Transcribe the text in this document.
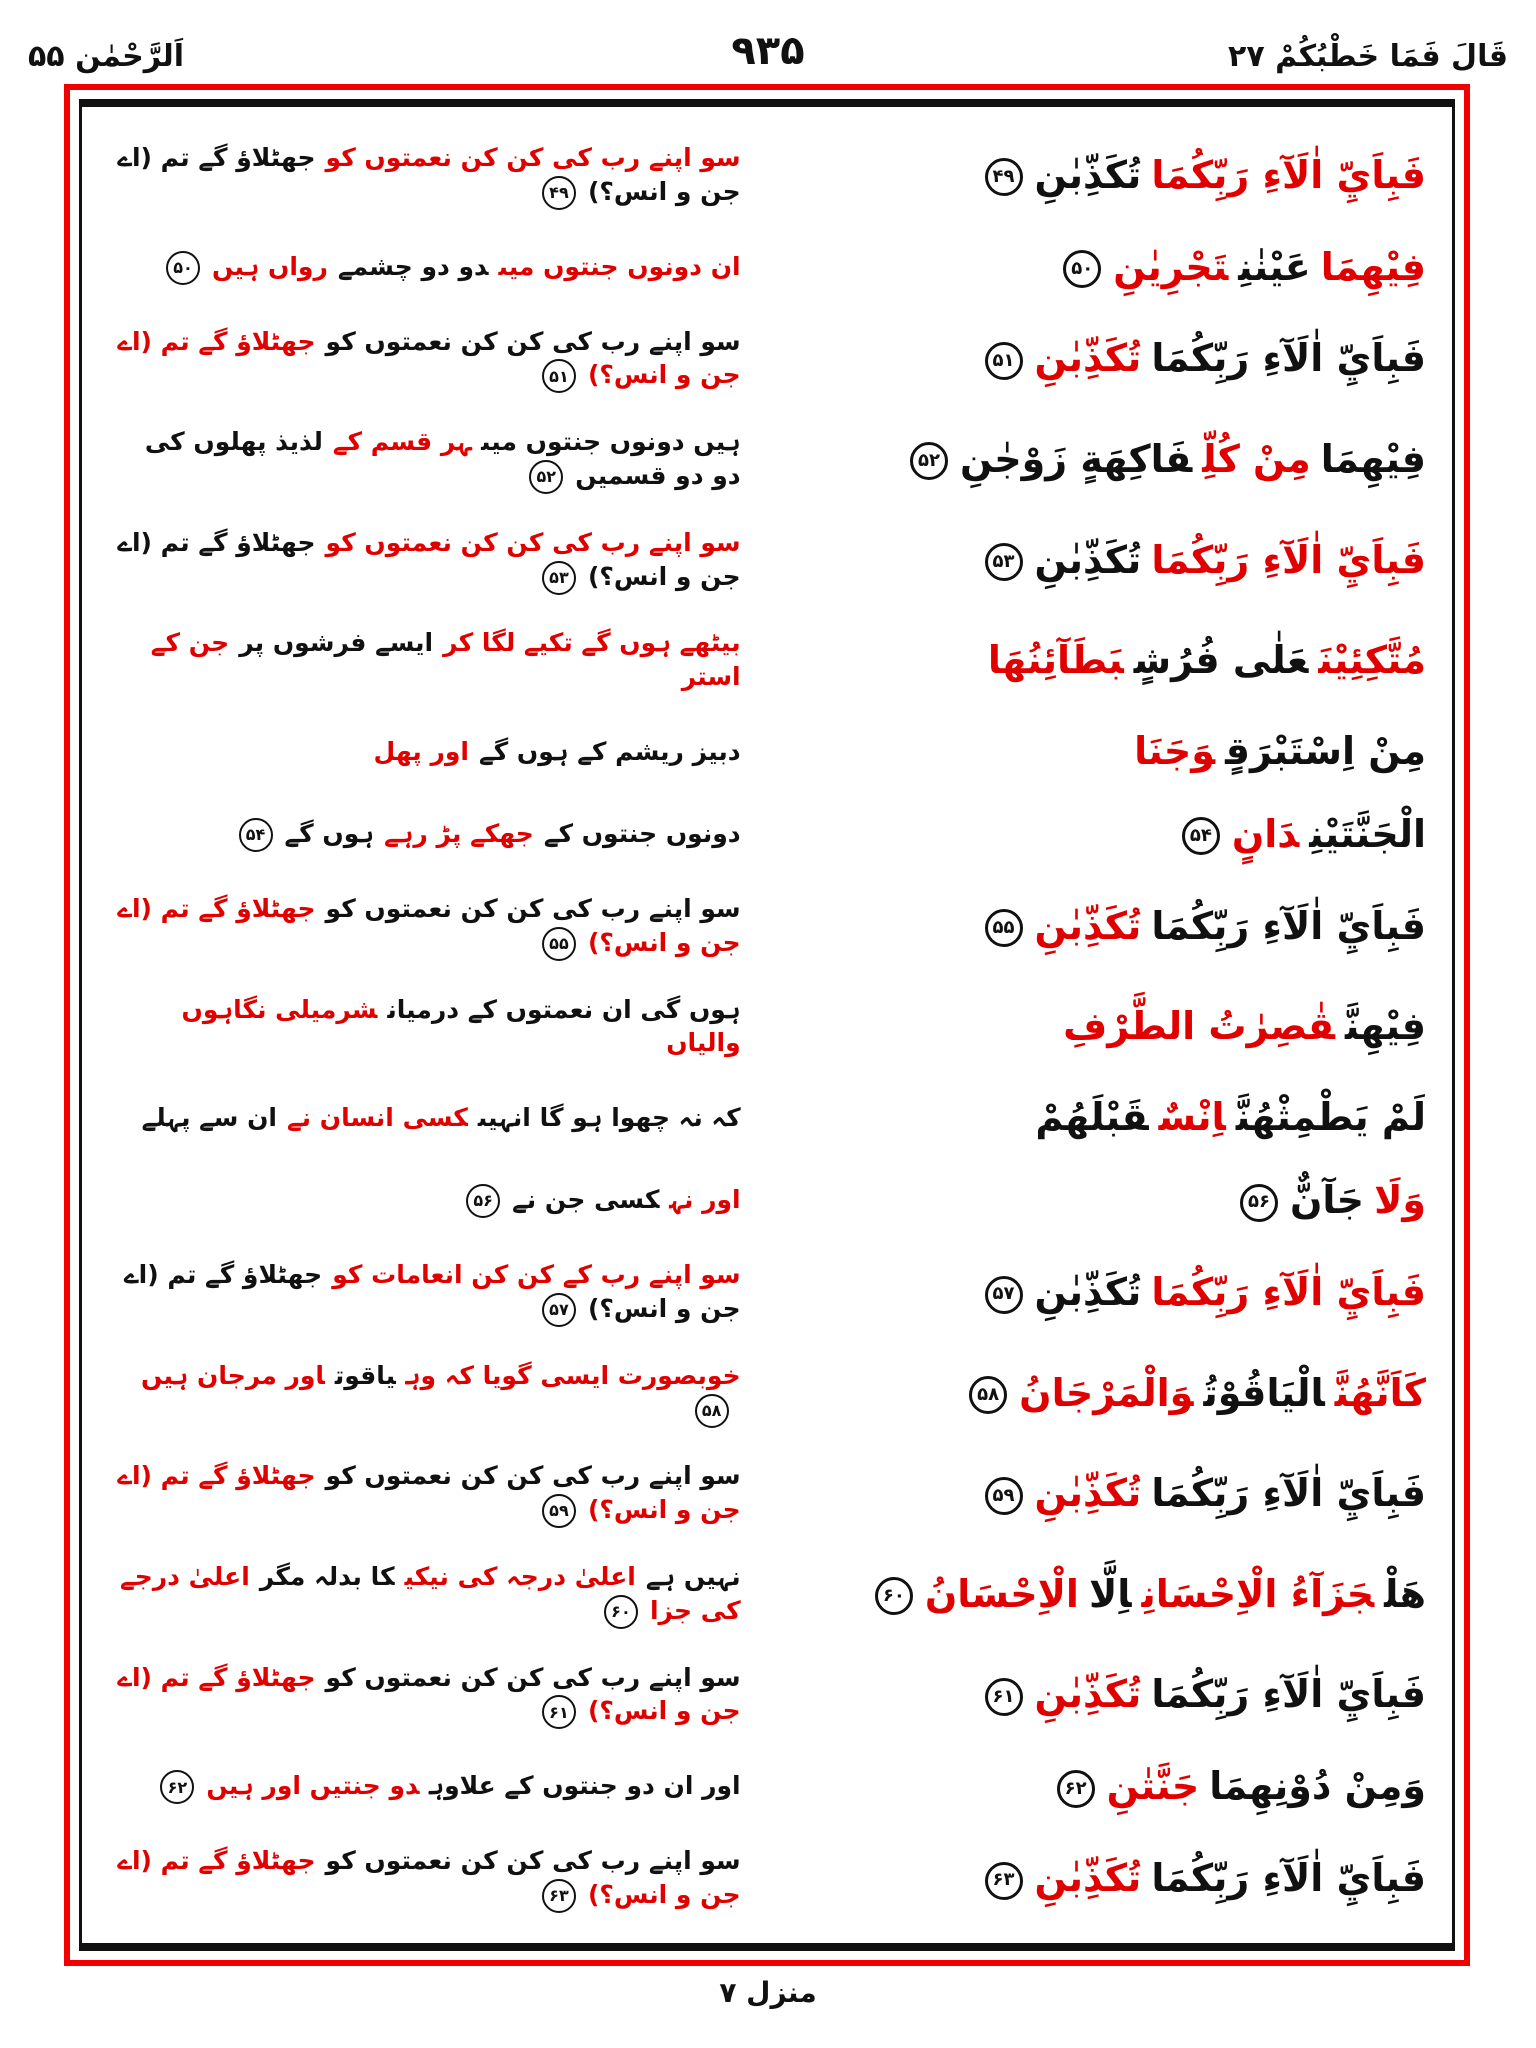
قَالَ فَمَا خَطْبُكُمْ ۲۷
۹۳۵
اَلرَّحْمٰن ۵۵
فَبِاَيِّ اٰلَآءِ رَبِّكُمَاتُكَذِّبٰنِ۴۹
سو اپنے رب کی کن کن نعمتوں کوجھٹلاؤ گے تم (اے جن و انس؟)۴۹
فِيْهِمَاعَيْنٰنِتَجْرِيٰنِ۵۰
ان دونوں جنتوں میںدو دو چشمےرواں ہیں۵۰
فَبِاَيِّ اٰلَآءِ رَبِّكُمَاتُكَذِّبٰنِ۵۱
سو اپنے رب کی کن کن نعمتوں کوجھٹلاؤ گے تم (اے جن و انس؟)۵۱
فِيْهِمَامِنْ كُلِّفَاكِهَةٍ زَوْجٰنِ۵۲
ہیں دونوں جنتوں میںہر قسم کےلذیذ پھلوں کی دو دو قسمیں۵۲
فَبِاَيِّ اٰلَآءِ رَبِّكُمَاتُكَذِّبٰنِ۵۳
سو اپنے رب کی کن کن نعمتوں کوجھٹلاؤ گے تم (اے جن و انس؟)۵۳
مُتَّكِئِيْنَعَلٰى فُرُشٍبَطَآئِنُهَا
بیٹھے ہوں گے تکیے لگا کرایسے فرشوں پرجن کے استر
مِنْ اِسْتَبْرَقٍوَجَنَا
دبیز ریشم کے ہوں گےاور پھل
الْجَنَّتَيْنِدَانٍ۵۴
دونوں جنتوں کےجھکے پڑ رہےہوں گے۵۴
فَبِاَيِّ اٰلَآءِ رَبِّكُمَاتُكَذِّبٰنِ۵۵
سو اپنے رب کی کن کن نعمتوں کوجھٹلاؤ گے تم (اے جن و انس؟)۵۵
فِيْهِنَّقٰصِرٰتُ الطَّرْفِ
ہوں گی ان نعمتوں کے درمیانشرمیلی نگاہوں والیاں
لَمْ يَطْمِثْهُنَّاِنْسٌقَبْلَهُمْ
کہ نہ چھوا ہو گا انہیںکسی انسان نےان سے پہلے
وَلَاجَآنٌّ۵۶
اور نہکسی جن نے۵۶
فَبِاَيِّ اٰلَآءِ رَبِّكُمَاتُكَذِّبٰنِ۵۷
سو اپنے رب کے کن کن انعامات کوجھٹلاؤ گے تم (اے جن و انس؟)۵۷
كَاَنَّهُنَّالْيَاقُوْتُوَالْمَرْجَانُ۵۸
خوبصورت ایسی گویا کہ وہیاقوتاور مرجان ہیں۵۸
فَبِاَيِّ اٰلَآءِ رَبِّكُمَاتُكَذِّبٰنِ۵۹
سو اپنے رب کی کن کن نعمتوں کوجھٹلاؤ گے تم (اے جن و انس؟)۵۹
هَلْجَزَآءُ الْاِحْسَانِاِلَّاالْاِحْسَانُ۶۰
نہیں ہےاعلیٰ درجہ کی نیکیکا بدلہ مگراعلیٰ درجے کی جزا۶۰
فَبِاَيِّ اٰلَآءِ رَبِّكُمَاتُكَذِّبٰنِ۶۱
سو اپنے رب کی کن کن نعمتوں کوجھٹلاؤ گے تم (اے جن و انس؟)۶۱
وَمِنْ دُوْنِهِمَاجَنَّتٰنِ۶۲
اور ان دو جنتوں کے علاوہدو جنتیں اور ہیں۶۲
فَبِاَيِّ اٰلَآءِ رَبِّكُمَاتُكَذِّبٰنِ۶۳
سو اپنے رب کی کن کن نعمتوں کوجھٹلاؤ گے تم (اے جن و انس؟)۶۳
منزل ۷
